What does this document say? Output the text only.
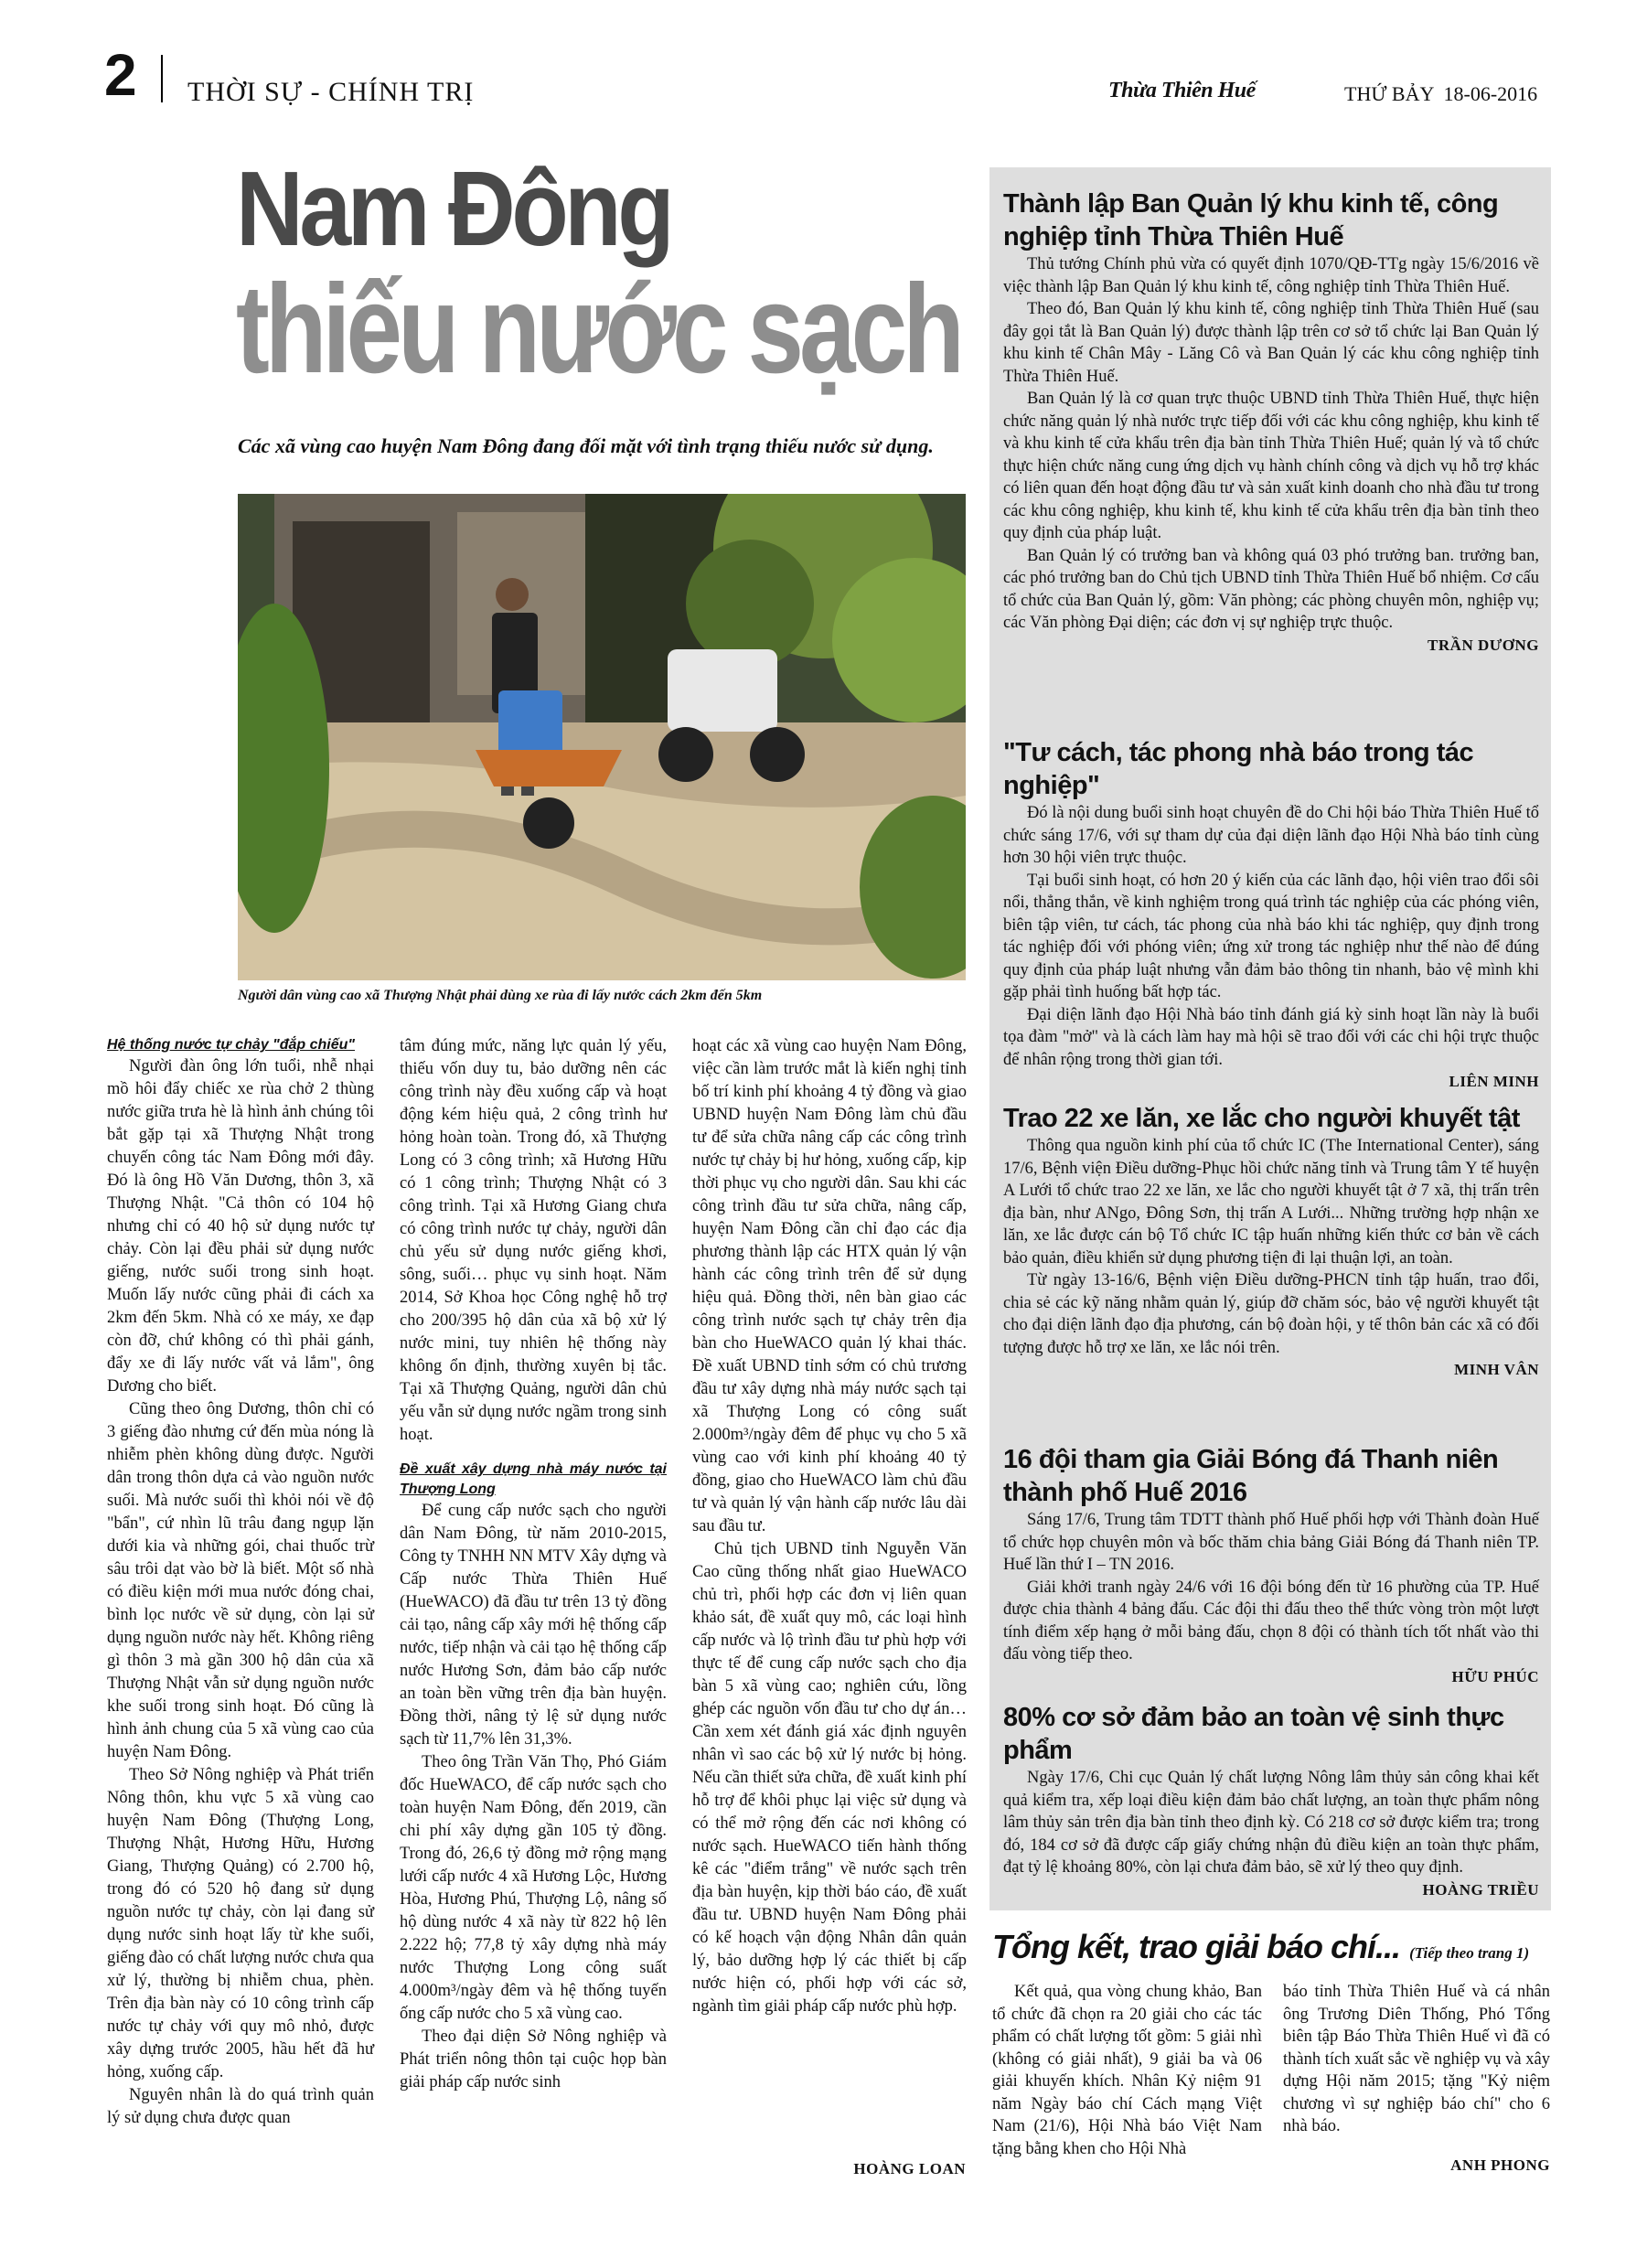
2 THỜI SỰ - CHÍNH TRỊ	Thừa Thiên Huế	THỨ BẢY  18-06-2016
Nam Đông
thiếu nước sạch
Các xã vùng cao huyện Nam Đông đang đối mặt với tình trạng thiếu nước sử dụng.
Người dân vùng cao xã Thượng Nhật phải dùng xe rùa đi lấy nước cách 2km đến 5km

Hệ thống nước tự chảy "đắp chiếu"

Người đàn ông lớn tuổi, nhễ nhại mồ hôi đẩy chiếc xe rùa chở 2 thùng nước giữa trưa hè là hình ảnh chúng tôi bắt gặp tại xã Thượng Nhật trong chuyến công tác Nam Đông mới đây. Đó là ông Hồ Văn Dương, thôn 3, xã Thượng Nhật. "Cả thôn có 104 hộ nhưng chỉ có 40 hộ sử dụng nước tự chảy. Còn lại đều phải sử dụng nước giếng, nước suối trong sinh hoạt. Muốn lấy nước cũng phải đi cách xa 2km đến 5km. Nhà có xe máy, xe đạp còn đỡ, chứ không có thì phải gánh, đẩy xe đi lấy nước vất vả lắm", ông Dương cho biết.

Cũng theo ông Dương, thôn chỉ có 3 giếng đào nhưng cứ đến mùa nóng là nhiễm phèn không dùng được. Người dân trong thôn dựa cả vào nguồn nước suối. Mà nước suối thì khỏi nói về độ "bẩn", cứ nhìn lũ trâu đang ngụp lặn dưới kia và những gói, chai thuốc trừ sâu trôi dạt vào bờ là biết. Một số nhà có điều kiện mới mua nước đóng chai, bình lọc nước về sử dụng, còn lại sử dụng nguồn nước này hết. Không riêng gì thôn 3 mà gần 300 hộ dân của xã Thượng Nhật vẫn sử dụng nguồn nước khe suối trong sinh hoạt. Đó cũng là hình ảnh chung của 5 xã vùng cao của huyện Nam Đông.

Theo Sở Nông nghiệp và Phát triển Nông thôn, khu vực 5 xã vùng cao huyện Nam Đông (Thượng Long, Thượng Nhật, Hương Hữu, Hương Giang, Thượng Quảng) có 2.700 hộ, trong đó có 520 hộ đang sử dụng nguồn nước tự chảy, còn lại đang sử dụng nước sinh hoạt lấy từ khe suối, giếng đào có chất lượng nước chưa qua xử lý, thường bị nhiễm chua, phèn. Trên địa bàn này có 10 công trình cấp nước tự chảy với quy mô nhỏ, được xây dựng trước 2005, hầu hết đã hư hỏng, xuống cấp.

Nguyên nhân là do quá trình quản lý sử dụng chưa được quan

tâm đúng mức, năng lực quản lý yếu, thiếu vốn duy tu, bảo dưỡng nên các công trình này đều xuống cấp và hoạt động kém hiệu quả, 2 công trình hư hỏng hoàn toàn. Trong đó, xã Thượng Long có 3 công trình; xã Hương Hữu có 1 công trình; Thượng Nhật có 3 công trình. Tại xã Hương Giang chưa có công trình nước tự chảy, người dân chủ yếu sử dụng nước giếng khơi, sông, suối… phục vụ sinh hoạt. Năm 2014, Sở Khoa học Công nghệ hỗ trợ cho 200/395 hộ dân của xã bộ xử lý nước mini, tuy nhiên hệ thống này không ổn định, thường xuyên bị tắc. Tại xã Thượng Quảng, người dân chủ yếu vẫn sử dụng nước ngầm trong sinh hoạt.

Đề xuất xây dựng nhà máy nước tại Thượng Long

Để cung cấp nước sạch cho người dân Nam Đông, từ năm 2010-2015, Công ty TNHH NN MTV Xây dựng và Cấp nước Thừa Thiên Huế (HueWACO) đã đầu tư trên 13 tỷ đồng cải tạo, nâng cấp xây mới hệ thống cấp nước, tiếp nhận và cải tạo hệ thống cấp nước Hương Sơn, đảm bảo cấp nước an toàn bền vững trên địa bàn huyện. Đồng thời, nâng tỷ lệ sử dụng nước sạch từ 11,7% lên 31,3%.

Theo ông Trần Văn Thọ, Phó Giám đốc HueWACO, để cấp nước sạch cho toàn huyện Nam Đông, đến 2019, cần chi phí xây dựng gần 105 tỷ đồng. Trong đó, 26,6 tỷ đồng mở rộng mạng lưới cấp nước 4 xã Hương Lộc, Hương Hòa, Hương Phú, Thượng Lộ, nâng số hộ dùng nước 4 xã này từ 822 hộ lên 2.222 hộ; 77,8 tỷ xây dựng nhà máy nước Thượng Long công suất 4.000m³/ngày đêm và hệ thống tuyến ống cấp nước cho 5 xã vùng cao.

Theo đại diện Sở Nông nghiệp và Phát triển nông thôn tại cuộc họp bàn giải pháp cấp nước sinh

hoạt các xã vùng cao huyện Nam Đông, việc cần làm trước mắt là kiến nghị tỉnh bố trí kinh phí khoảng 4 tỷ đồng và giao UBND huyện Nam Đông làm chủ đầu tư để sửa chữa nâng cấp các công trình nước tự chảy bị hư hỏng, xuống cấp, kịp thời phục vụ cho người dân. Sau khi các công trình đầu tư sửa chữa, nâng cấp, huyện Nam Đông cần chỉ đạo các địa phương thành lập các HTX quản lý vận hành các công trình trên để sử dụng hiệu quả. Đồng thời, nên bàn giao các công trình nước sạch tự chảy trên địa bàn cho HueWACO quản lý khai thác. Đề xuất UBND tỉnh sớm có chủ trương đầu tư xây dựng nhà máy nước sạch tại xã Thượng Long có công suất 2.000m³/ngày đêm để phục vụ cho 5 xã vùng cao với kinh phí khoảng 40 tỷ đồng, giao cho HueWACO làm chủ đầu tư và quản lý vận hành cấp nước lâu dài sau đầu tư.

Chủ tịch UBND tỉnh Nguyễn Văn Cao cũng thống nhất giao HueWACO chủ trì, phối hợp các đơn vị liên quan khảo sát, đề xuất quy mô, các loại hình cấp nước và lộ trình đầu tư phù hợp với thực tế để cung cấp nước sạch cho địa bàn 5 xã vùng cao; nghiên cứu, lồng ghép các nguồn vốn đầu tư cho dự án… Cần xem xét đánh giá xác định nguyên nhân vì sao các bộ xử lý nước bị hỏng. Nếu cần thiết sửa chữa, đề xuất kinh phí hỗ trợ để khôi phục lại việc sử dụng và có thể mở rộng đến các nơi không có nước sạch. HueWACO tiến hành thống kê các "điểm trắng" về nước sạch trên địa bàn huyện, kịp thời báo cáo, đề xuất đầu tư. UBND huyện Nam Đông phải có kế hoạch vận động Nhân dân quản lý, bảo dưỡng hợp lý các thiết bị cấp nước hiện có, phối hợp với các sở, ngành tìm giải pháp cấp nước phù hợp.

HOÀNG LOAN

Thành lập Ban Quản lý khu kinh tế, công nghiệp tỉnh Thừa Thiên Huế

Thủ tướng Chính phủ vừa có quyết định 1070/QĐ-TTg ngày 15/6/2016 về việc thành lập Ban Quản lý khu kinh tế, công nghiệp tỉnh Thừa Thiên Huế.

Theo đó, Ban Quản lý khu kinh tế, công nghiệp tỉnh Thừa Thiên Huế (sau đây gọi tắt là Ban Quản lý) được thành lập trên cơ sở tổ chức lại Ban Quản lý khu kinh tế Chân Mây - Lăng Cô và Ban Quản lý các khu công nghiệp tỉnh Thừa Thiên Huế.

Ban Quản lý là cơ quan trực thuộc UBND tỉnh Thừa Thiên Huế, thực hiện chức năng quản lý nhà nước trực tiếp đối với các khu công nghiệp, khu kinh tế và khu kinh tế cửa khẩu trên địa bàn tỉnh Thừa Thiên Huế; quản lý và tổ chức thực hiện chức năng cung ứng dịch vụ hành chính công và dịch vụ hỗ trợ khác có liên quan đến hoạt động đầu tư và sản xuất kinh doanh cho nhà đầu tư trong các khu công nghiệp, khu kinh tế, khu kinh tế cửa khẩu trên địa bàn tỉnh theo quy định của pháp luật.

Ban Quản lý có trưởng ban và không quá 03 phó trưởng ban. trưởng ban, các phó trưởng ban do Chủ tịch UBND tỉnh Thừa Thiên Huế bổ nhiệm. Cơ cấu tổ chức của Ban Quản lý, gồm: Văn phòng; các phòng chuyên môn, nghiệp vụ; các Văn phòng Đại diện; các đơn vị sự nghiệp trực thuộc.

TRẦN DƯƠNG

"Tư cách, tác phong nhà báo trong tác nghiệp"

Đó là nội dung buổi sinh hoạt chuyên đề do Chi hội báo Thừa Thiên Huế tổ chức sáng 17/6, với sự tham dự của đại diện lãnh đạo Hội Nhà báo tỉnh cùng hơn 30 hội viên trực thuộc.

Tại buổi sinh hoạt, có hơn 20 ý kiến của các lãnh đạo, hội viên trao đổi sôi nổi, thẳng thắn, về kinh nghiệm trong quá trình tác nghiệp của các phóng viên, biên tập viên, tư cách, tác phong của nhà báo khi tác nghiệp, quy định trong tác nghiệp đối với phóng viên; ứng xử trong tác nghiệp như thế nào để đúng quy định của pháp luật nhưng vẫn đảm bảo thông tin nhanh, bảo vệ mình khi gặp phải tình huống bất hợp tác.

Đại diện lãnh đạo Hội Nhà báo tỉnh đánh giá kỳ sinh hoạt lần này là buổi tọa đàm "mở" và là cách làm hay mà hội sẽ trao đổi với các chi hội trực thuộc để nhân rộng trong thời gian tới.

LIÊN MINH

Trao 22 xe lăn, xe lắc cho người khuyết tật

Thông qua nguồn kinh phí của tổ chức IC (The International Center), sáng 17/6, Bệnh viện Điều dưỡng-Phục hồi chức năng tỉnh và Trung tâm Y tế huyện A Lưới tổ chức trao 22 xe lăn, xe lắc cho người khuyết tật ở 7 xã, thị trấn trên địa bàn, như ANgo, Đông Sơn, thị trấn A Lưới... Những trường hợp nhận xe lăn, xe lắc được cán bộ Tổ chức IC tập huấn những kiến thức cơ bản về cách bảo quản, điều khiển sử dụng phương tiện đi lại thuận lợi, an toàn.

Từ ngày 13-16/6, Bệnh viện Điều dưỡng-PHCN tỉnh tập huấn, trao đổi, chia sẻ các kỹ năng nhằm quản lý, giúp đỡ chăm sóc, bảo vệ người khuyết tật cho đại diện lãnh đạo địa phương, cán bộ đoàn hội, y tế thôn bản các xã có đối tượng được hỗ trợ xe lăn, xe lắc nói trên.

MINH VÂN

16 đội tham gia Giải Bóng đá Thanh niên thành phố Huế 2016

Sáng 17/6, Trung tâm TDTT thành phố Huế phối hợp với Thành đoàn Huế tổ chức họp chuyên môn và bốc thăm chia bảng Giải Bóng đá Thanh niên TP. Huế lần thứ I – TN 2016.

Giải khởi tranh ngày 24/6 với 16 đội bóng đến từ 16 phường của TP. Huế được chia thành 4 bảng đấu. Các đội thi đấu theo thể thức vòng tròn một lượt tính điểm xếp hạng ở mỗi bảng đấu, chọn 8 đội có thành tích tốt nhất vào thi đấu vòng tiếp theo.

HỮU PHÚC

80% cơ sở đảm bảo an toàn vệ sinh thực phẩm

Ngày 17/6, Chi cục Quản lý chất lượng Nông lâm thủy sản công khai kết quả kiểm tra, xếp loại điều kiện đảm bảo chất lượng, an toàn thực phẩm nông lâm thủy sản trên địa bàn tỉnh theo định kỳ. Có 218 cơ sở được kiểm tra; trong đó, 184 cơ sở đã được cấp giấy chứng nhận đủ điều kiện an toàn thực phẩm, đạt tỷ lệ khoảng 80%, còn lại chưa đảm bảo, sẽ xử lý theo quy định.

HOÀNG TRIỀU

Tổng kết, trao giải báo chí... (Tiếp theo trang 1)

Kết quả, qua vòng chung khảo, Ban tổ chức đã chọn ra 20 giải cho các tác phẩm có chất lượng tốt gồm: 5 giải nhì (không có giải nhất), 9 giải ba và 06 giải khuyến khích. Nhân Kỷ niệm 91 năm Ngày báo chí Cách mạng Việt Nam (21/6), Hội Nhà báo Việt Nam tặng bằng khen cho Hội Nhà

báo tỉnh Thừa Thiên Huế và cá nhân ông Trương Diên Thống, Phó Tổng biên tập Báo Thừa Thiên Huế vì đã có thành tích xuất sắc về nghiệp vụ và xây dựng Hội năm 2015; tặng "Kỷ niệm chương vì sự nghiệp báo chí" cho 6 nhà báo.

ANH PHONG
